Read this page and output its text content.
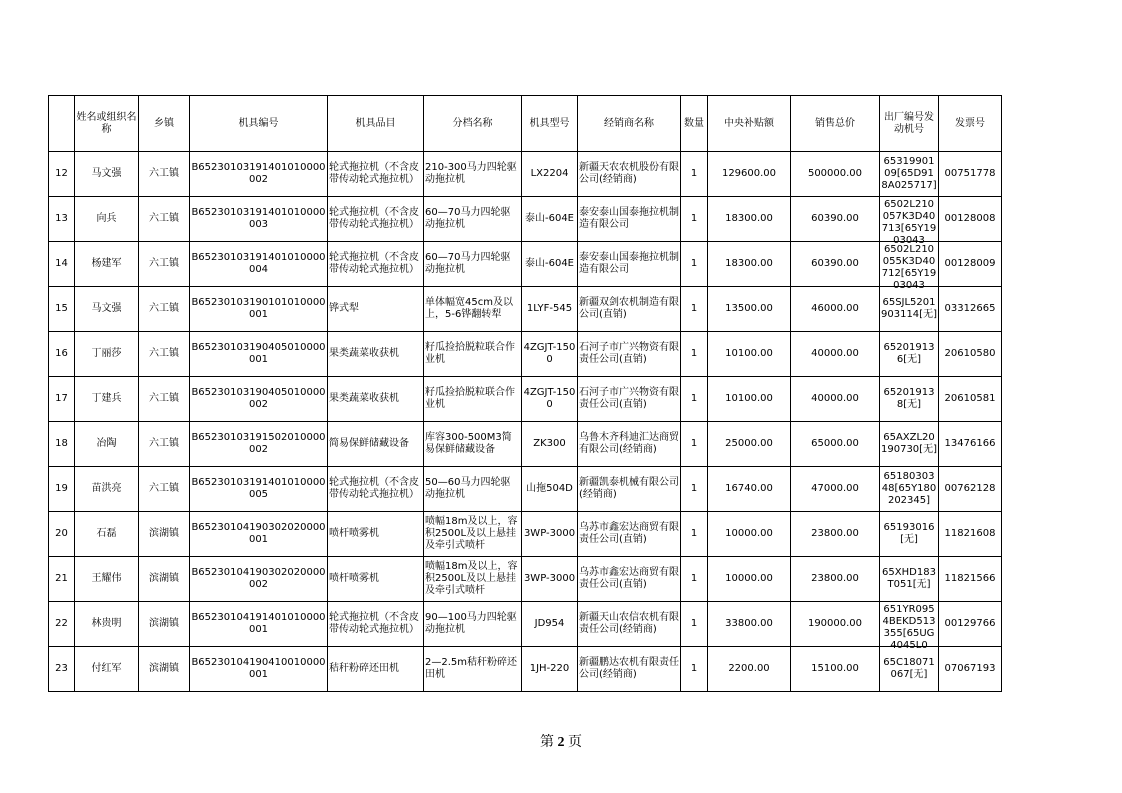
	姓名或组织名称	乡镇	机具编号	机具品目	分档名称	机具型号	经销商名称	数量	中央补贴额	销售总价	出厂编号发动机号	发票号
12	马文强	六工镇	B65230103191401010000002	轮式拖拉机（不含皮带传动轮式拖拉机）	210-300马力四轮驱动拖拉机	LX2204	新疆天农农机股份有限公司(经销商)	1	129600.00	500000.00	6531990109[65D918A025717]	00751778
13	向兵	六工镇	B65230103191401010000003	轮式拖拉机（不含皮带传动轮式拖拉机）	60—70马力四轮驱动拖拉机	泰山-604E	泰安泰山国泰拖拉机制造有限公司	1	18300.00	60390.00	6502L210057K3D40713[65Y1903043	00128008
14	杨建军	六工镇	B65230103191401010000004	轮式拖拉机（不含皮带传动轮式拖拉机）	60—70马力四轮驱动拖拉机	泰山-604E	泰安泰山国泰拖拉机制造有限公司	1	18300.00	60390.00	6502L210055K3D40712[65Y1903043	00128009
15	马文强	六工镇	B65230103190101010000001	铧式犁	单体幅宽45cm及以上，5-6铧翻转犁	1LYF-545	新疆双剑农机制造有限公司(直销)	1	13500.00	46000.00	65SJL5201903114[无]	03312665
16	丁丽莎	六工镇	B65230103190405010000001	果类蔬菜收获机	籽瓜捡拾脱粒联合作业机	4ZGJT-1500	石河子市广兴物资有限责任公司(直销)	1	10100.00	40000.00	652019136[无]	20610580
17	丁建兵	六工镇	B65230103190405010000002	果类蔬菜收获机	籽瓜捡拾脱粒联合作业机	4ZGJT-1500	石河子市广兴物资有限责任公司(直销)	1	10100.00	40000.00	652019138[无]	20610581
18	冶陶	六工镇	B65230103191502010000002	简易保鲜储藏设备	库容300-500M3简易保鲜储藏设备	ZK300	乌鲁木齐科迪汇达商贸有限公司(经销商)	1	25000.00	65000.00	65AXZL20190730[无]	13476166
19	苗洪亮	六工镇	B65230103191401010000005	轮式拖拉机（不含皮带传动轮式拖拉机）	50—60马力四轮驱动拖拉机	山拖504D	新疆凯泰机械有限公司(经销商)	1	16740.00	47000.00	6518030348[65Y180202345]	00762128
20	石磊	滨湖镇	B65230104190302020000001	喷杆喷雾机	喷幅18m及以上，容积2500L及以上悬挂及牵引式喷杆	3WP-3000	乌苏市鑫宏达商贸有限责任公司(直销)	1	10000.00	23800.00	65193016[无]	11821608
21	王耀伟	滨湖镇	B65230104190302020000002	喷杆喷雾机	喷幅18m及以上，容积2500L及以上悬挂及牵引式喷杆	3WP-3000	乌苏市鑫宏达商贸有限责任公司(直销)	1	10000.00	23800.00	65XHD183T051[无]	11821566
22	林贵明	滨湖镇	B65230104191401010000001	轮式拖拉机（不含皮带传动轮式拖拉机）	90—100马力四轮驱动拖拉机	JD954	新疆天山农信农机有限责任公司(经销商)	1	33800.00	190000.00	651YR0954BEKD513355[65UG4045L0	00129766
23	付红军	滨湖镇	B65230104190410010000001	秸秆粉碎还田机	2—2.5m秸秆粉碎还田机	1JH-220	新疆鹏达农机有限责任公司(经销商)	1	2200.00	15100.00	65C18071067[无]	07067193
第 2 页
